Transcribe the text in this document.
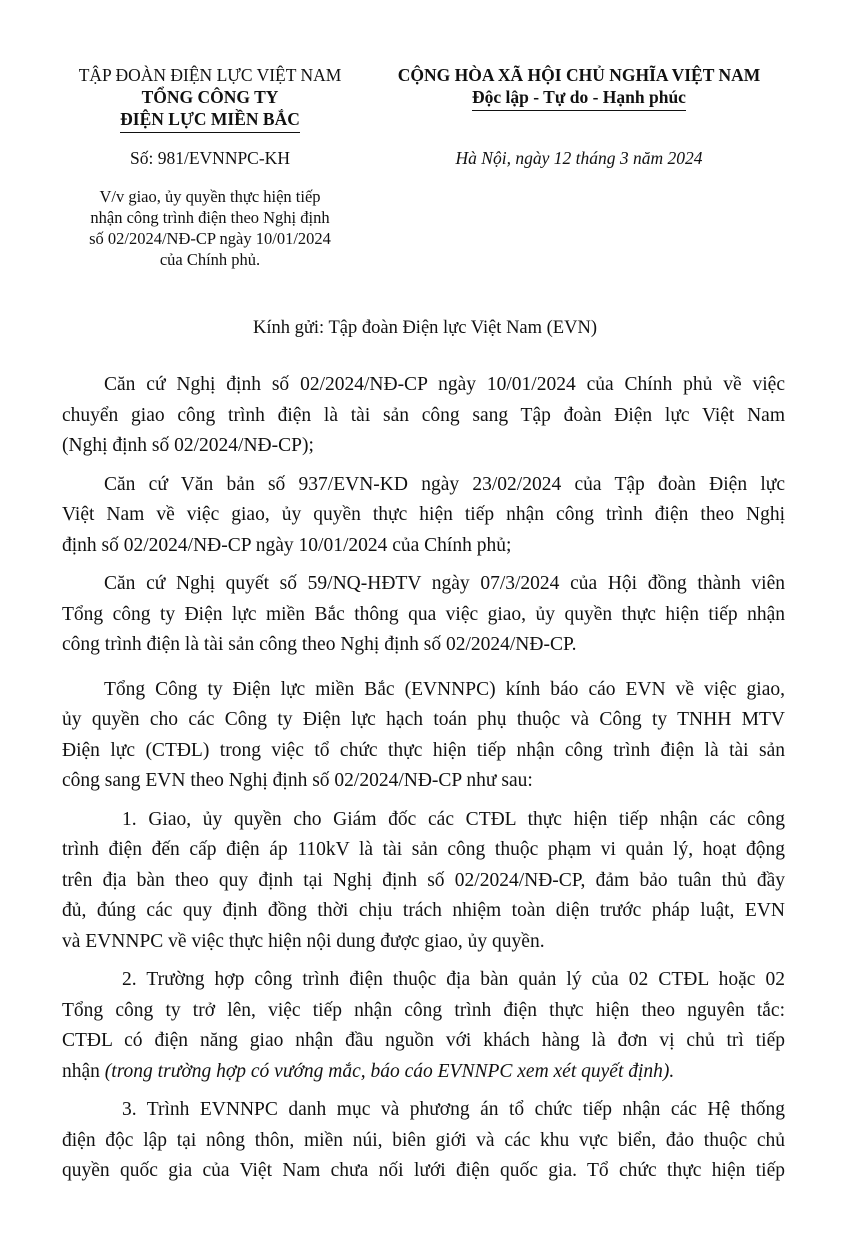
TẬP ĐOÀN ĐIỆN LỰC VIỆT NAM
TỔNG CÔNG TY
ĐIỆN LỰC MIỀN BẮC
CỘNG HÒA XÃ HỘI CHỦ NGHĨA VIỆT NAM
Độc lập - Tự do - Hạnh phúc
Số: 981/EVNNPC-KH	Hà Nội, ngày 12 tháng 3 năm 2024
V/v giao, ủy quyền thực hiện tiếp
nhận công trình điện theo Nghị định
số 02/2024/NĐ-CP ngày 10/01/2024
của Chính phủ.
Kính gửi: Tập đoàn Điện lực Việt Nam (EVN)

Căn cứ Nghị định số 02/2024/NĐ-CP ngày 10/01/2024 của Chính phủ về việc

chuyển giao công trình điện là tài sản công sang Tập đoàn Điện lực Việt Nam

(Nghị định số 02/2024/NĐ-CP);

Căn cứ Văn bản số 937/EVN-KD ngày 23/02/2024 của Tập đoàn Điện lực

Việt Nam về việc giao, ủy quyền thực hiện tiếp nhận công trình điện theo Nghị

định số 02/2024/NĐ-CP ngày 10/01/2024 của Chính phủ;

Căn cứ Nghị quyết số 59/NQ-HĐTV ngày 07/3/2024 của Hội đồng thành viên

Tổng công ty Điện lực miền Bắc thông qua việc giao, ủy quyền thực hiện tiếp nhận

công trình điện là tài sản công theo Nghị định số 02/2024/NĐ-CP.

Tổng Công ty Điện lực miền Bắc (EVNNPC) kính báo cáo EVN về việc giao,

ủy quyền cho các Công ty Điện lực hạch toán phụ thuộc và Công ty TNHH MTV

Điện lực (CTĐL) trong việc tổ chức thực hiện tiếp nhận công trình điện là tài sản

công sang EVN theo Nghị định số 02/2024/NĐ-CP như sau:

1. Giao, ủy quyền cho Giám đốc các CTĐL thực hiện tiếp nhận các công

trình điện đến cấp điện áp 110kV là tài sản công thuộc phạm vi quản lý, hoạt động

trên địa bàn theo quy định tại Nghị định số 02/2024/NĐ-CP, đảm bảo tuân thủ đầy

đủ, đúng các quy định đồng thời chịu trách nhiệm toàn diện trước pháp luật, EVN

và EVNNPC về việc thực hiện nội dung được giao, ủy quyền.

2. Trường hợp công trình điện thuộc địa bàn quản lý của 02 CTĐL hoặc 02

Tổng công ty trở lên, việc tiếp nhận công trình điện thực hiện theo nguyên tắc:

CTĐL có điện năng giao nhận đầu nguồn với khách hàng là đơn vị chủ trì tiếp

nhận (trong trường hợp có vướng mắc, báo cáo EVNNPC xem xét quyết định).

3. Trình EVNNPC danh mục và phương án tổ chức tiếp nhận các Hệ thống

điện độc lập tại nông thôn, miền núi, biên giới và các khu vực biển, đảo thuộc chủ

quyền quốc gia của Việt Nam chưa nối lưới điện quốc gia. Tổ chức thực hiện tiếp
